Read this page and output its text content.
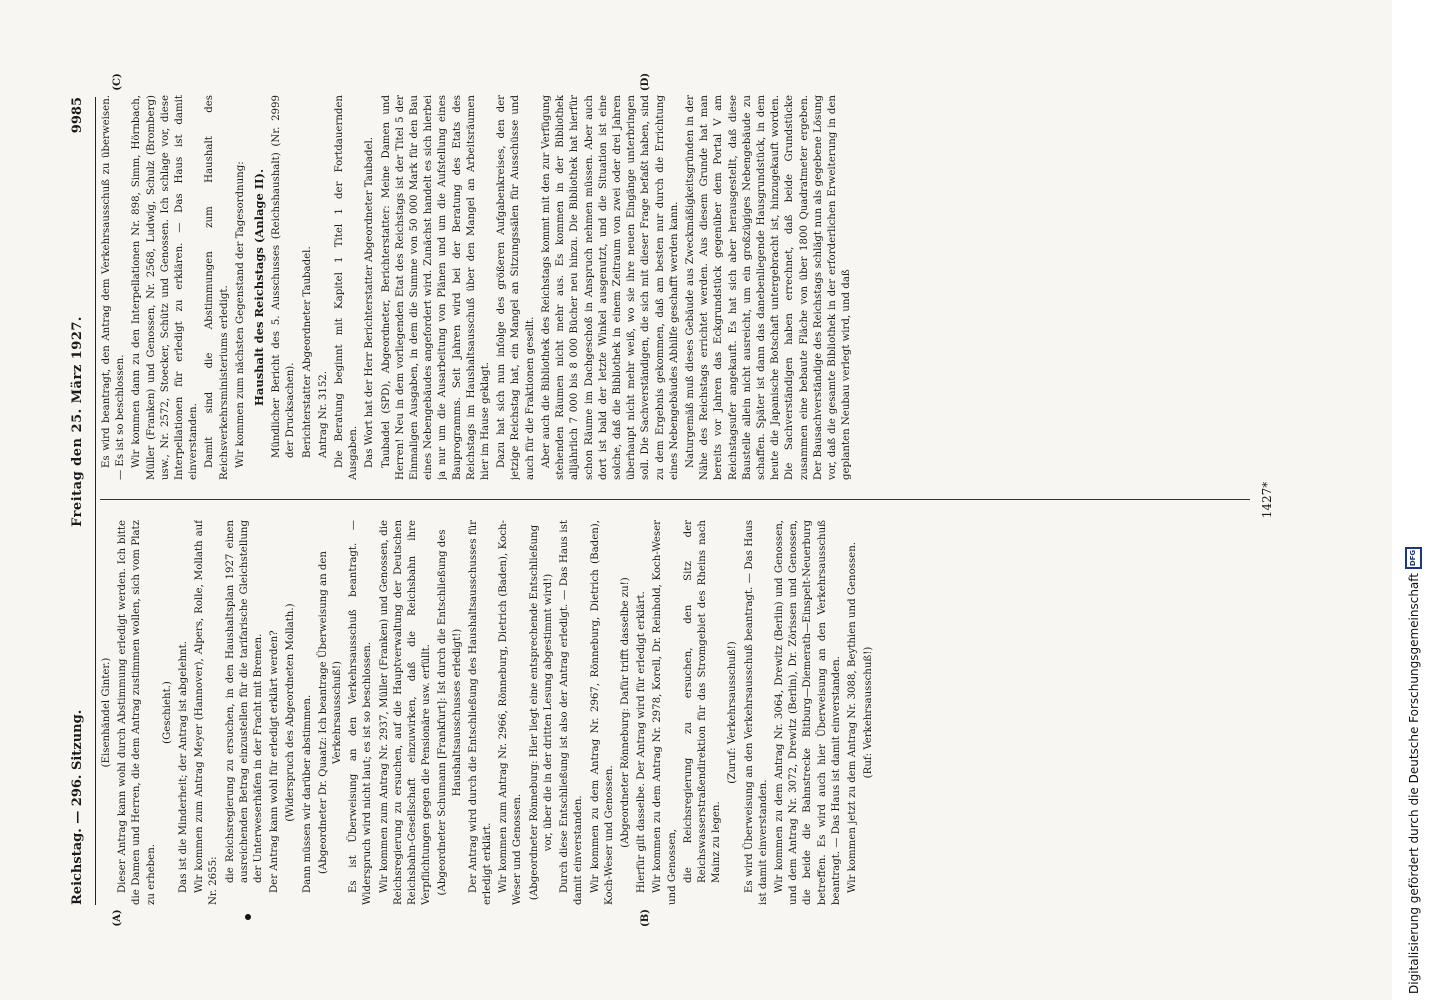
Reichstag. — 296. Sitzung.
Freitag den 25. März 1927.
9985
(A)	(B)
(C)	(D)

(Eisenhändel Ginter.) Dieser Antrag kann wohl durch Abstimmung erledigt werden. Ich bitte die Damen und Herren, die dem Antrag zustimmen wollen, sich vom Platz zu erheben.

(Geschieht.) Das ist die Minderheit; der Antrag ist abgelehnt. Wir kommen zum Antrag Meyer (Hannover), Alpers, Rolle, Mollath auf Nr. 2655: die Reichsregierung zu ersuchen, in den Haushaltsplan 1927 einen ausreichenden Betrag einzustellen für die tarifarische Gleichstellung der Unterweserhäfen in der Fracht mit Bremen. Der Antrag kann wohl für erledigt erklärt werden? (Widerspruch des Abgeordneten Mollath.) Dann müssen wir darüber abstimmen. (Abgeordneter Dr. Quaatz: Ich beantrage Überweisung an den Verkehrsausschuß!) Es ist Überweisung an den Verkehrsausschuß beantragt. — Widerspruch wird nicht laut; es ist so beschlossen. Wir kommen zum Antrag Nr. 2937, Müller (Franken) und Genossen, die Reichsregierung zu ersuchen, auf die Hauptverwaltung der Deutschen Reichsbahn-Gesellschaft einzuwirken, daß die Reichsbahn ihre Verpflichtungen gegen die Pensionäre usw. erfüllt. (Abgeordneter Schumann [Frankfurt]: Ist durch die Entschließung des Haushaltsausschusses erledigt!) Der Antrag wird durch die Entschließung des Haushaltsausschusses für erledigt erklärt. Wir kommen zum Antrag Nr. 2966, Rönneburg, Dietrich (Baden), Koch-Weser und Genossen. (Abgeordneter Rönneburg: Hier liegt eine entsprechende Entschließung vor, über die in der dritten Lesung abgestimmt wird!) Durch diese Entschließung ist also der Antrag erledigt. — Das Haus ist damit einverstanden. Wir kommen zu dem Antrag Nr. 2967, Rönneburg, Dietrich (Baden), Koch-Weser und Genossen. (Abgeordneter Rönneburg: Dafür trifft dasselbe zu!) Hierfür gilt dasselbe. Der Antrag wird für erledigt erklärt. Wir kommen zu dem Antrag Nr. 2978, Korell, Dr. Reinhold, Koch-Weser und Genossen, die Reichsregierung zu ersuchen, den Sitz der Reichswasserstraßendirektion für das Stromgebiet des Rheins nach Mainz zu legen.

(Zuruf: Verkehrsausschuß!) Es wird Überweisung an den Verkehrsausschuß beantragt. — Das Haus ist damit einverstanden. Wir kommen zu dem Antrag Nr. 3064, Drewitz (Berlin) und Genossen, und dem Antrag Nr. 3072, Drewitz (Berlin), Dr. Zörissen und Genossen, die beide die Bahnstrecke Bitburg—Diemerath—Einspelt-Neuerburg betreffen. Es wird auch hier Überweisung an den Verkehrsausschuß beantragt. — Das Haus ist damit einverstanden. Wir kommen jetzt zu dem Antrag Nr. 3088, Beythien und Genossen. (Ruf: Verkehrsausschuß!)

Es wird beantragt, den Antrag dem Verkehrsausschuß zu überweisen. — Es ist so beschlossen. Wir kommen dann zu den Interpellationen Nr. 898, Simm, Hörnbach, Müller (Franken) und Genossen, Nr. 2568, Ludwig, Schulz (Bromberg) usw., Nr. 2572, Stoecker, Schütz und Genossen. Ich schlage vor, diese Interpellationen für erledigt zu erklären. — Das Haus ist damit einverstanden. Damit sind die Abstimmungen zum Haushalt des Reichsverkehrsministeriums erledigt. Wir kommen zum nächsten Gegenstand der Tagesordnung: Haushalt des Reichstags (Anlage II). Mündlicher Bericht des 5. Ausschusses (Reichshaushalt) (Nr. 2999 der Drucksachen). Berichterstatter Abgeordneter Taubadel. Antrag Nr. 3152. Die Beratung beginnt mit Kapitel 1 Titel 1 der Fortdauernden Ausgaben. Das Wort hat der Herr Berichterstatter Abgeordneter Taubadel. Taubadel (SPD), Abgeordneter, Berichterstatter: Meine Damen und Herren! Neu in dem vorliegenden Etat des Reichstags ist der Titel 5 der Einmaligen Ausgaben, in dem die Summe von 50 000 Mark für den Bau eines Nebengebäudes angefordert wird. Zunächst handelt es sich hierbei ja nur um die Ausarbeitung von Plänen und um die Aufstellung eines Bauprogramms. Seit Jahren wird bei der Beratung des Etats des Reichstags im Haushaltsausschuß über den Mangel an Arbeitsräumen hier im Hause geklagt. Dazu hat sich nun infolge des größeren Aufgabenkreises, den der jetzige Reichstag hat, ein Mangel an Sitzungssälen für Ausschüsse und auch für die Fraktionen gesellt. Aber auch die Bibliothek des Reichstags kommt mit den zur Verfügung stehenden Räumen nicht mehr aus. Es kommen in der Bibliothek alljährlich 7 000 bis 8 000 Bücher neu hinzu. Die Bibliothek hat hierfür schon Räume im Dachgeschoß in Anspruch nehmen müssen. Aber auch dort ist bald der letzte Winkel ausgenutzt, und die Situation ist eine solche, daß die Bibliothek in einem Zeitraum von zwei oder drei Jahren überhaupt nicht mehr weiß, wo sie ihre neuen Eingänge unterbringen soll. Die Sachverständigen, die sich mit dieser Frage befaßt haben, sind zu dem Ergebnis gekommen, daß am besten nur durch die Errichtung eines Nebengebäudes Abhilfe geschafft werden kann. Naturgemäß muß dieses Gebäude aus Zweckmäßigkeitsgründen in der Nähe des Reichstags errichtet werden. Aus diesem Grunde hat man bereits vor Jahren das Eckgrundstück gegenüber dem Portal V am Reichstagsufer angekauft. Es hat sich aber herausgestellt, daß diese Baustelle allein nicht ausreicht, um ein großzügiges Nebengebäude zu schaffen. Später ist dann das danebenliegende Hausgrundstück, in dem heute die Japanische Botschaft untergebracht ist, hinzugekauft worden. Die Sachverständigen haben errechnet, daß beide Grundstücke zusammen eine bebaute Fläche von über 1800 Quadratmeter ergeben. Der Bausachverständige des Reichstags schlägt nun als gegebene Lösung vor, daß die gesamte Bibliothek in der erforderlichen Erweiterung in den geplanten Neubau verlegt wird, und daß

1427*
Digitalisierung gefördert durch die Deutsche Forschungsgemeinschaft
DFG
